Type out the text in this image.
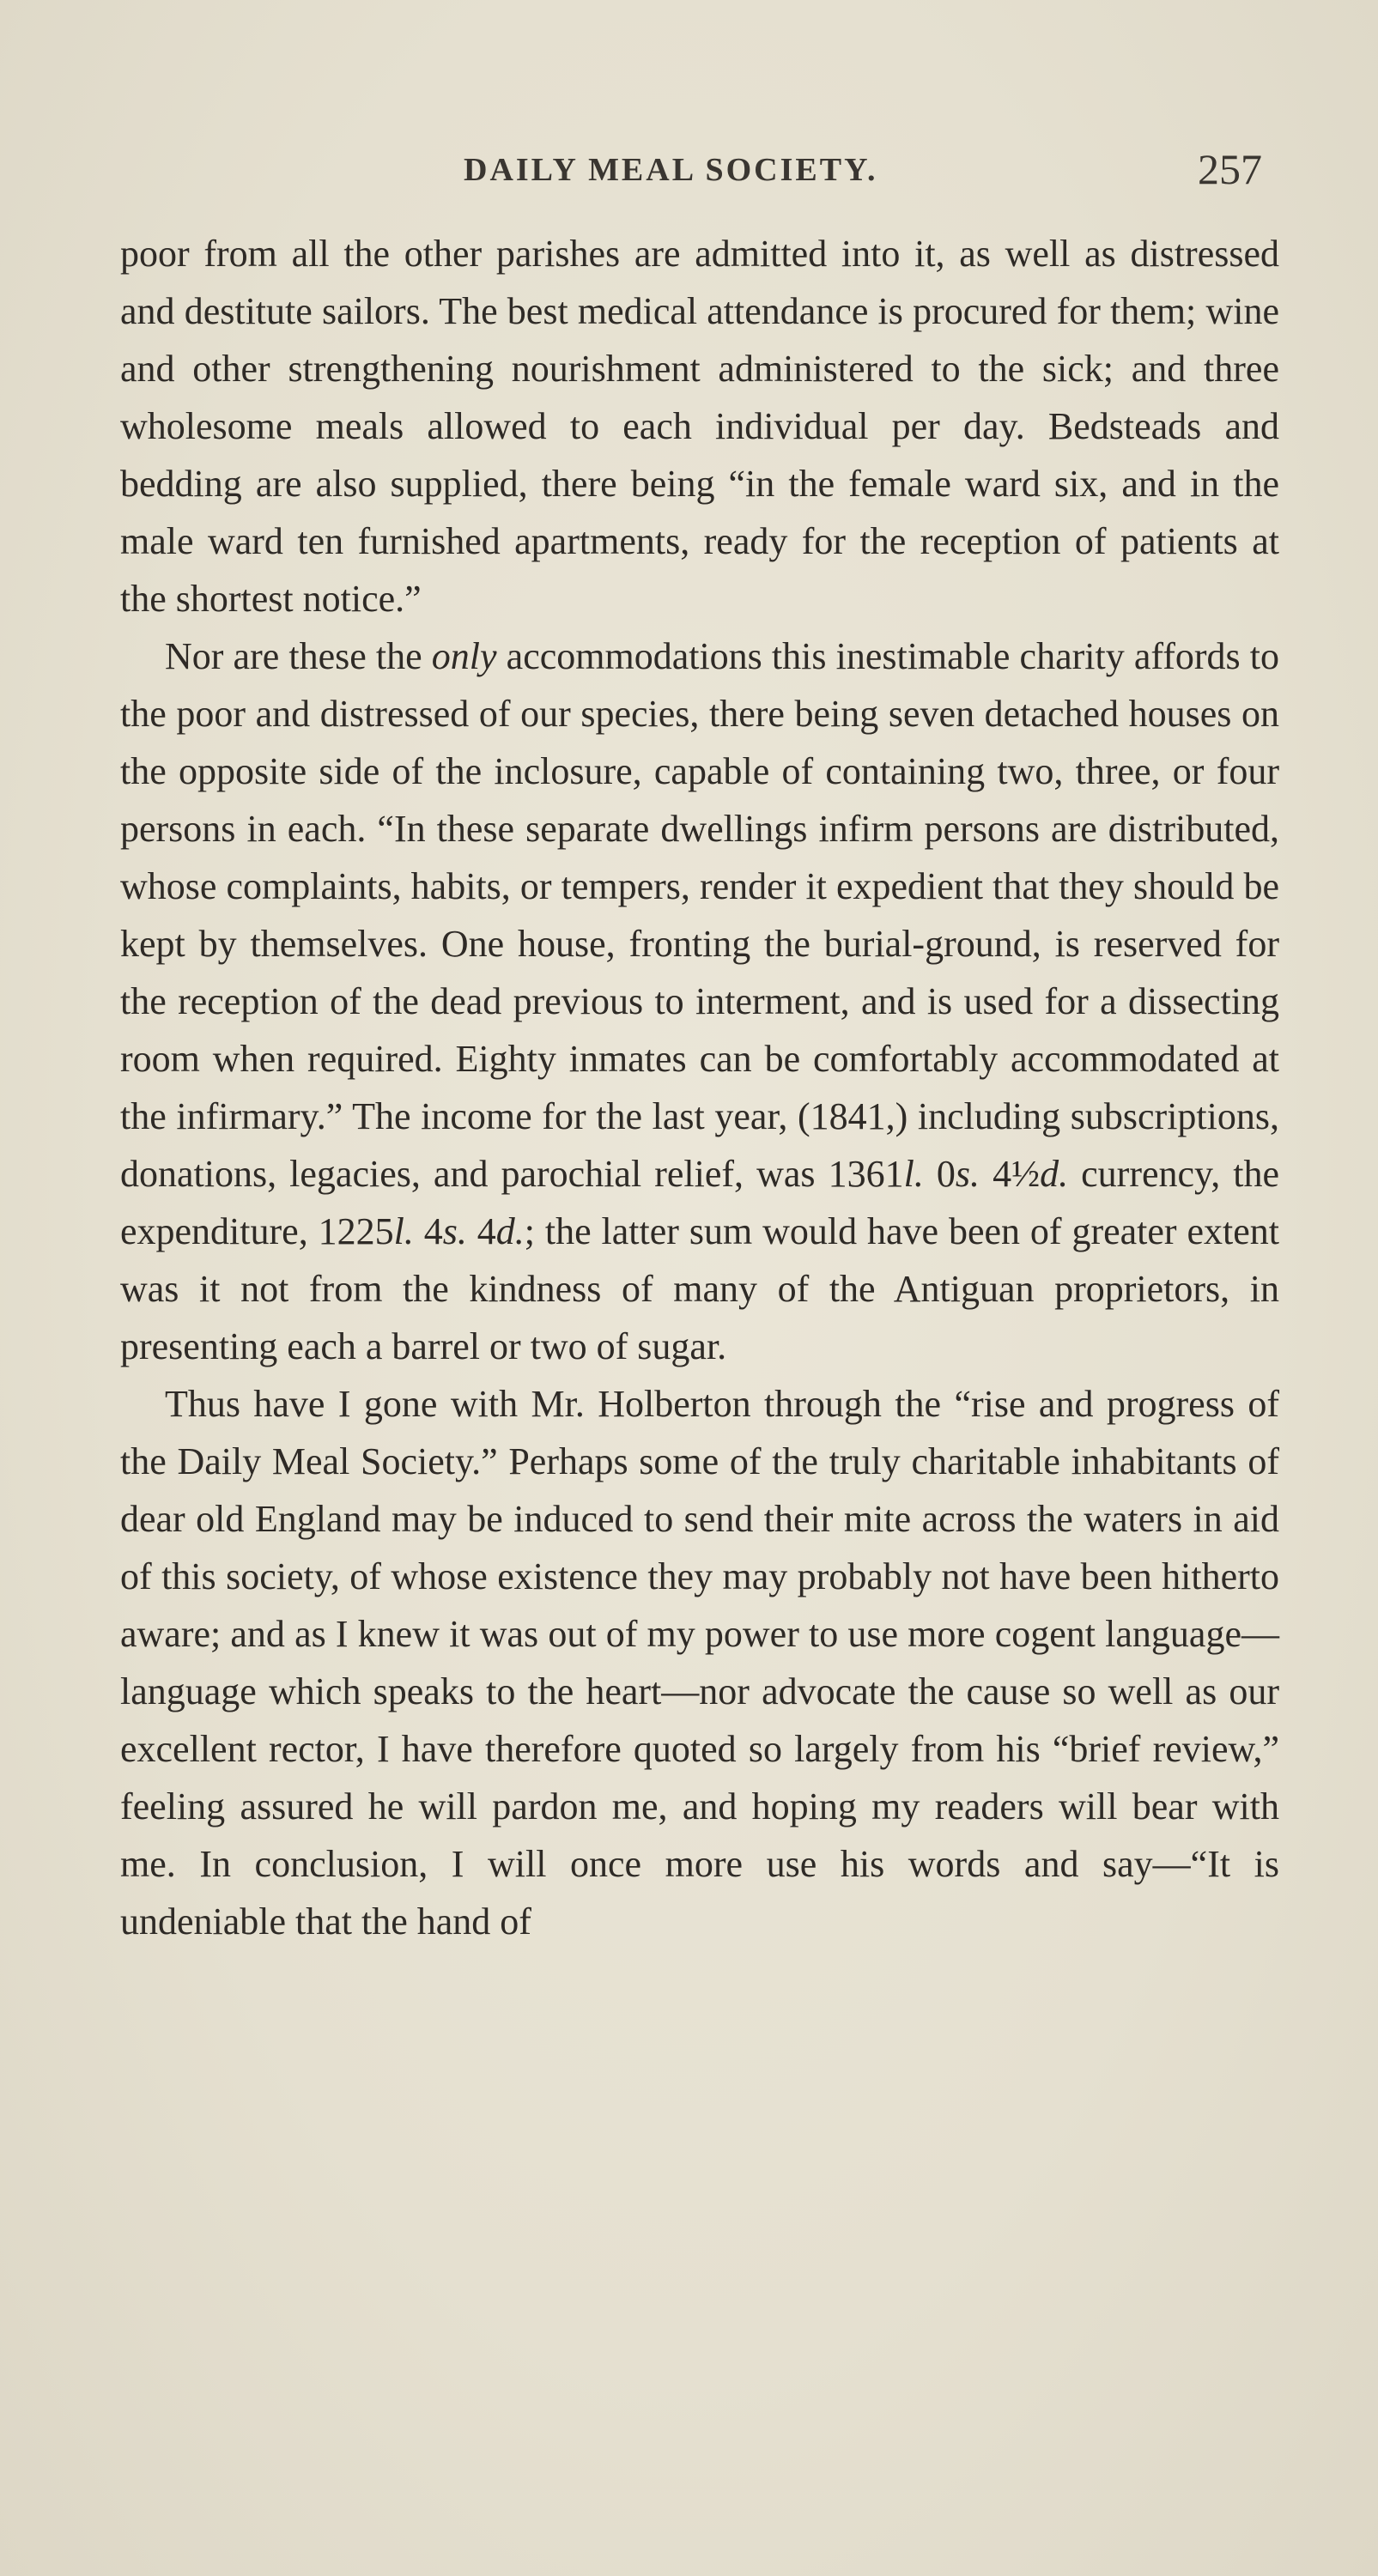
DAILY MEAL SOCIETY.	257

poor from all the other parishes are admitted into it, as well as distressed and destitute sailors. The best medical attendance is procured for them; wine and other strengthening nourishment administered to the sick; and three wholesome meals allowed to each individual per day. Bedsteads and bedding are also supplied, there being “in the female ward six, and in the male ward ten furnished apartments, ready for the reception of patients at the shortest notice.”

Nor are these the only accommodations this inestimable charity affords to the poor and distressed of our species, there being seven detached houses on the opposite side of the inclosure, capable of containing two, three, or four persons in each. “In these separate dwellings infirm persons are distributed, whose complaints, habits, or tempers, render it expedient that they should be kept by themselves. One house, fronting the burial-ground, is reserved for the reception of the dead previous to interment, and is used for a dissecting room when required. Eighty inmates can be comfortably accommodated at the infirmary.” The income for the last year, (1841,) including subscriptions, donations, legacies, and parochial relief, was 1361l. 0s. 4½d. currency, the expenditure, 1225l. 4s. 4d.; the latter sum would have been of greater extent was it not from the kindness of many of the Antiguan proprietors, in presenting each a barrel or two of sugar.

Thus have I gone with Mr. Holberton through the “rise and progress of the Daily Meal Society.” Perhaps some of the truly charitable inhabitants of dear old England may be induced to send their mite across the waters in aid of this society, of whose existence they may probably not have been hitherto aware; and as I knew it was out of my power to use more cogent language—language which speaks to the heart—nor advocate the cause so well as our excellent rector, I have therefore quoted so largely from his “brief review,” feeling assured he will pardon me, and hoping my readers will bear with me. In conclusion, I will once more use his words and say—“It is undeniable that the hand of
